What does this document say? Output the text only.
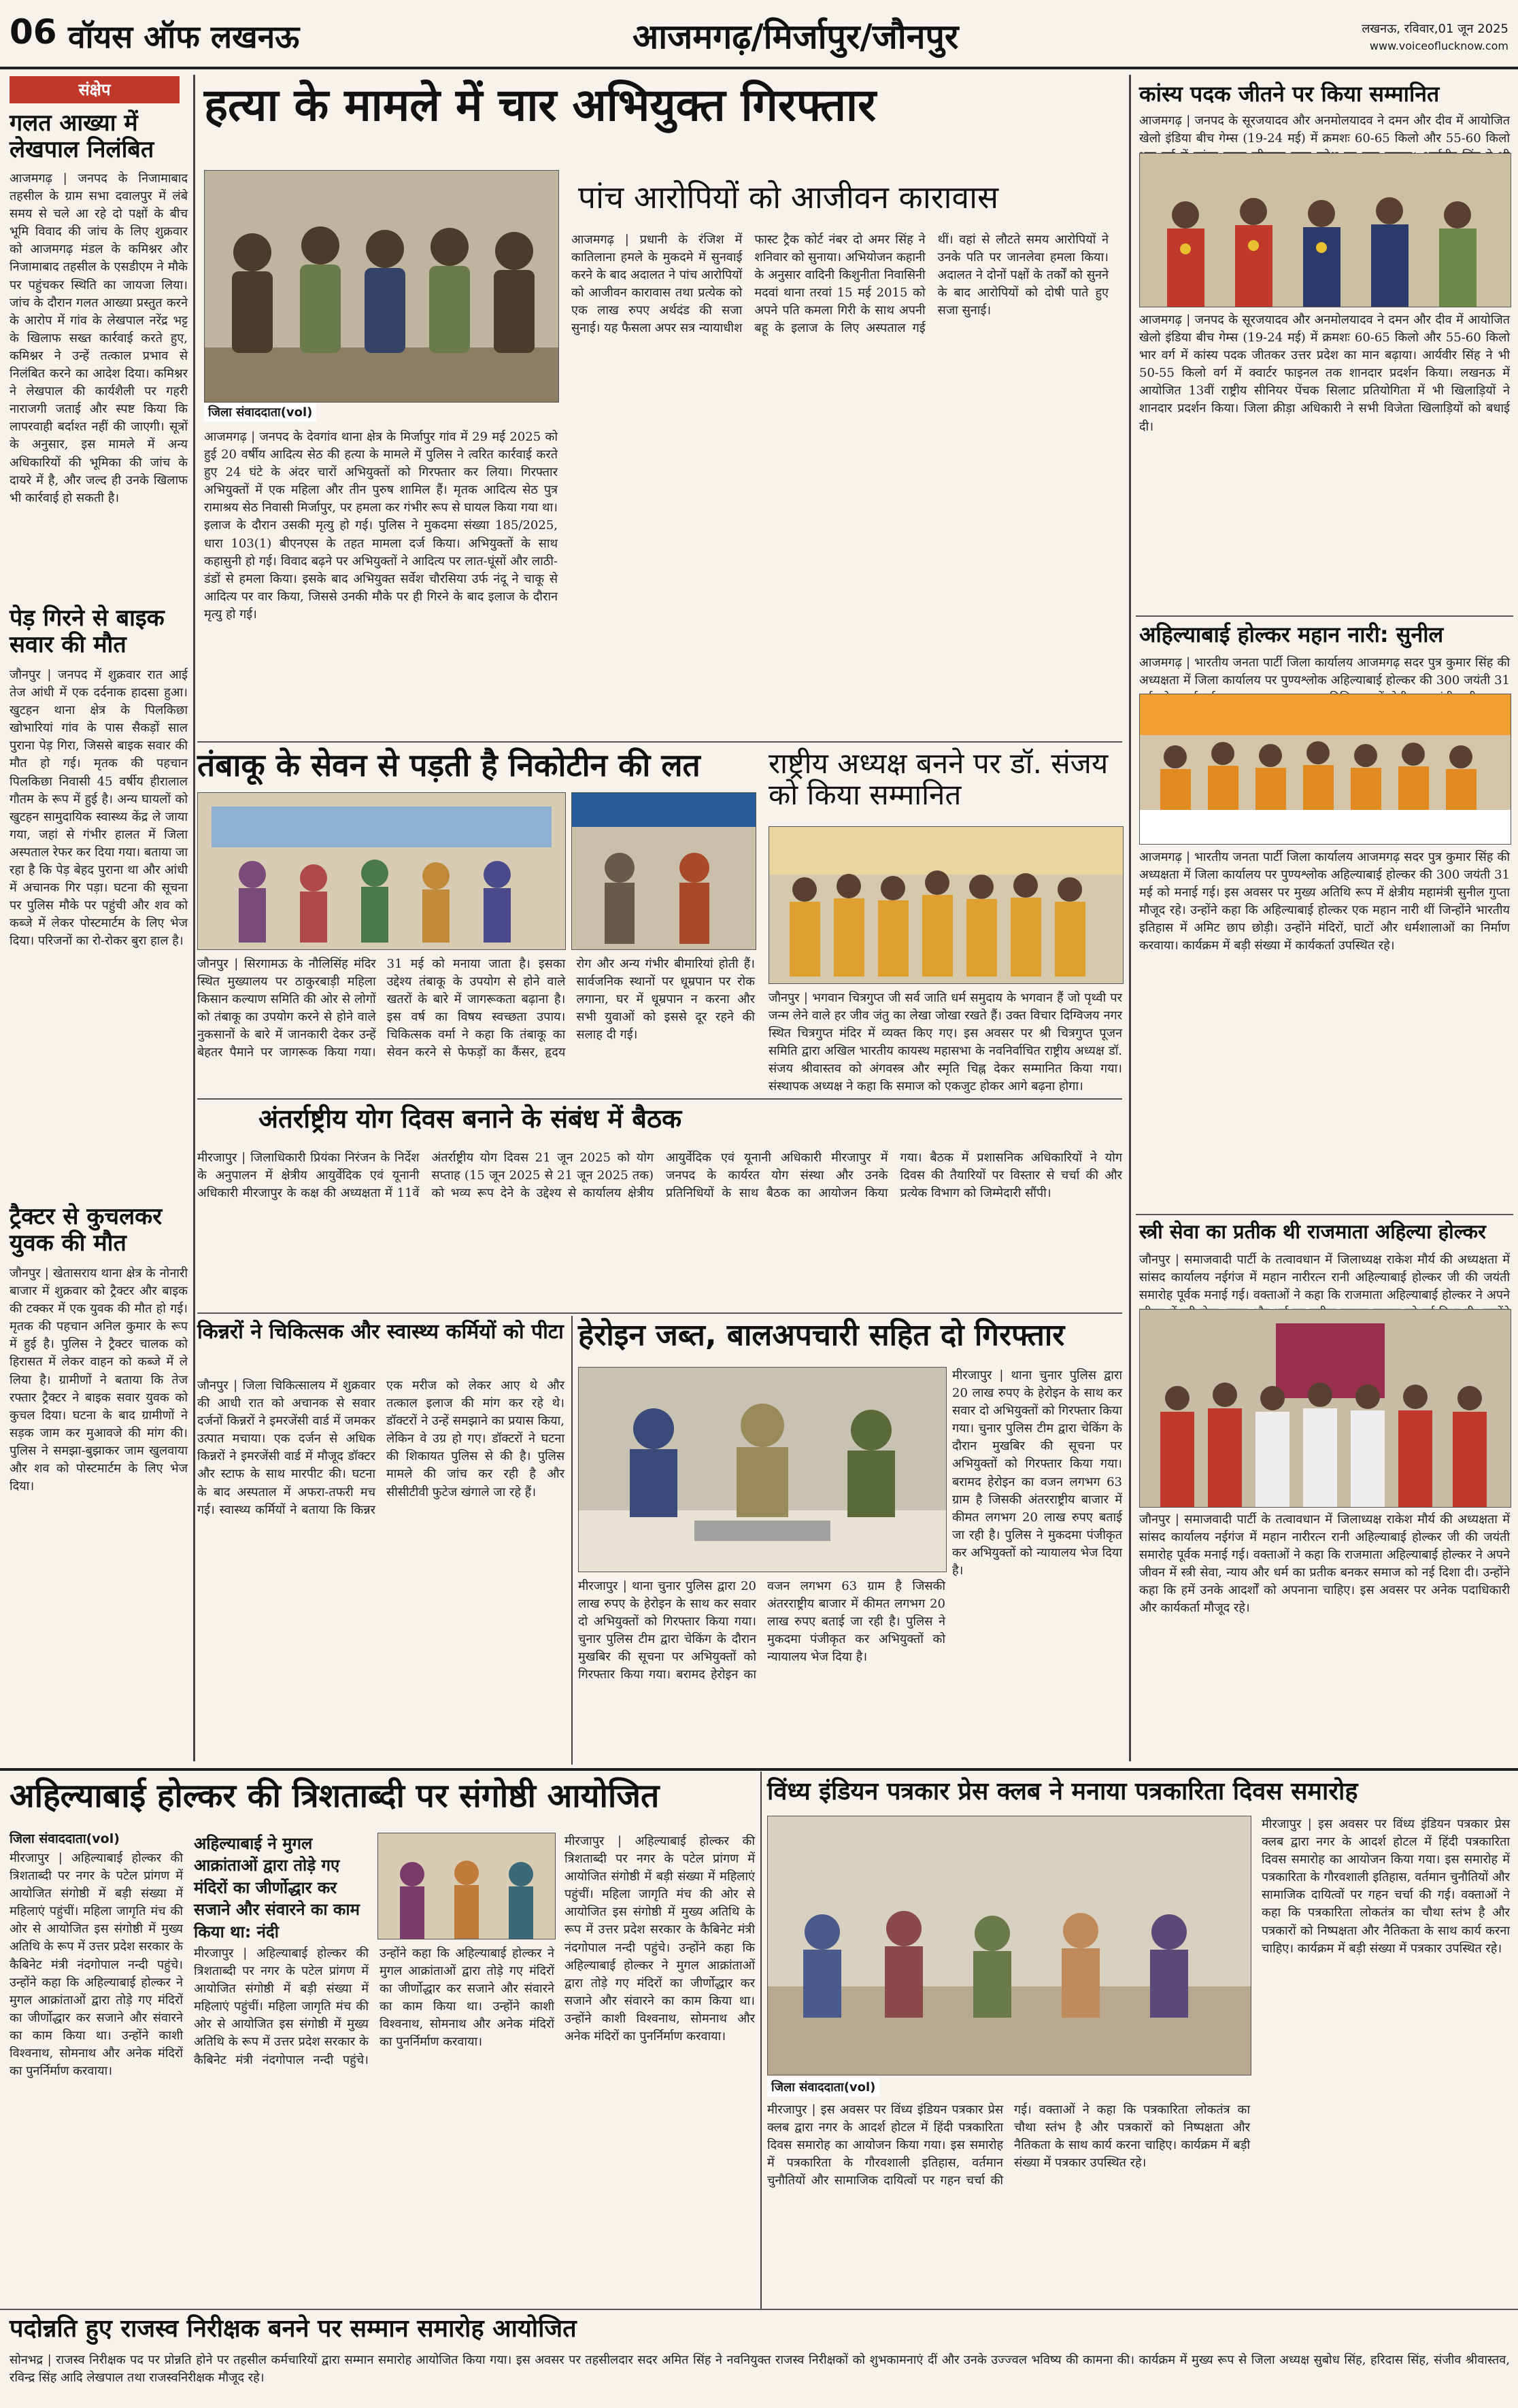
06 वॉयस ऑफ लखनऊ	आजमगढ़/मिर्जापुर/जौनपुर	लखनऊ, रविवार,01 जून 2025
www.voiceoflucknow.com
संक्षेप
गलत आख्या में लेखपाल निलंबित
आजमगढ़ | जनपद के निजामाबाद तहसील के ग्राम सभा दवालपुर में लंबे समय से चले आ रहे दो पक्षों के बीच भूमि विवाद की जांच के लिए शुक्रवार को आजमगढ़ मंडल के कमिश्नर और निजामाबाद तहसील के एसडीएम ने मौके पर पहुंचकर स्थिति का जायजा लिया। जांच के दौरान गलत आख्या प्रस्तुत करने के आरोप में गांव के लेखपाल नरेंद्र भट्ट के खिलाफ सख्त कार्रवाई करते हुए, कमिश्नर ने उन्हें तत्काल प्रभाव से निलंबित करने का आदेश दिया। कमिश्नर ने लेखपाल की कार्यशैली पर गहरी नाराजगी जताई और स्पष्ट किया कि लापरवाही बर्दाश्त नहीं की जाएगी। सूत्रों के अनुसार, इस मामले में अन्य अधिकारियों की भूमिका की जांच के दायरे में है, और जल्द ही उनके खिलाफ भी कार्रवाई हो सकती है।
पेड़ गिरने से बाइक सवार की मौत
जौनपुर | जनपद में शुक्रवार रात आई तेज आंधी में एक दर्दनाक हादसा हुआ। खुटहन थाना क्षेत्र के पिलकिछा खोभारियां गांव के पास सैकड़ों साल पुराना पेड़ गिरा, जिससे बाइक सवार की मौत हो गई। मृतक की पहचान पिलकिछा निवासी 45 वर्षीय हीरालाल गौतम के रूप में हुई है। अन्य घायलों को खुटहन सामुदायिक स्वास्थ्य केंद्र ले जाया गया, जहां से गंभीर हालत में जिला अस्पताल रेफर कर दिया गया। बताया जा रहा है कि पेड़ बेहद पुराना था और आंधी में अचानक गिर पड़ा। घटना की सूचना पर पुलिस मौके पर पहुंची और शव को कब्जे में लेकर पोस्टमार्टम के लिए भेज दिया। परिजनों का रो-रोकर बुरा हाल है।
ट्रैक्टर से कुचलकर युवक की मौत
जौनपुर | खेतासराय थाना क्षेत्र के नोनारी बाजार में शुक्रवार को ट्रैक्टर और बाइक की टक्कर में एक युवक की मौत हो गई। मृतक की पहचान अनिल कुमार के रूप में हुई है। पुलिस ने ट्रैक्टर चालक को हिरासत में लेकर वाहन को कब्जे में ले लिया है। ग्रामीणों ने बताया कि तेज रफ्तार ट्रैक्टर ने बाइक सवार युवक को कुचल दिया। घटना के बाद ग्रामीणों ने सड़क जाम कर मुआवजे की मांग की। पुलिस ने समझा-बुझाकर जाम खुलवाया और शव को पोस्टमार्टम के लिए भेज दिया।
हत्या के मामले में चार अभियुक्त गिरफ्तार
जिला संवाददाता(vol)
आजमगढ़ | जनपद के देवगांव थाना क्षेत्र के मिर्जापुर गांव में 29 मई 2025 को हुई 20 वर्षीय आदित्य सेठ की हत्या के मामले में पुलिस ने त्वरित कार्रवाई करते हुए 24 घंटे के अंदर चारों अभियुक्तों को गिरफ्तार कर लिया। गिरफ्तार अभियुक्तों में एक महिला और तीन पुरुष शामिल हैं। मृतक आदित्य सेठ पुत्र रामाश्रय सेठ निवासी मिर्जापुर, पर हमला कर गंभीर रूप से घायल किया गया था। इलाज के दौरान उसकी मृत्यु हो गई। पुलिस ने मुकदमा संख्या 185/2025, धारा 103(1) बीएनएस के तहत मामला दर्ज किया। अभियुक्तों के साथ कहासुनी हो गई। विवाद बढ़ने पर अभियुक्तों ने आदित्य पर लात-घूंसों और लाठी-डंडों से हमला किया। इसके बाद अभियुक्त सर्वेश चौरसिया उर्फ नंदू ने चाकू से आदित्य पर वार किया, जिससे उनकी मौके पर ही गिरने के बाद इलाज के दौरान मृत्यु हो गई।
पांच आरोपियों को आजीवन कारावास
आजमगढ़ | प्रधानी के रंजिश में कातिलाना हमले के मुकदमे में सुनवाई करने के बाद अदालत ने पांच आरोपियों को आजीवन कारावास तथा प्रत्येक को एक लाख रुपए अर्थदंड की सजा सुनाई। यह फैसला अपर सत्र न्यायाधीश फास्ट ट्रैक कोर्ट नंबर दो अमर सिंह ने शनिवार को सुनाया। अभियोजन कहानी के अनुसार वादिनी किशुनीता निवासिनी मदवां थाना तरवां 15 मई 2015 को अपने पति कमला गिरी के साथ अपनी बहू के इलाज के लिए अस्पताल गई थीं। वहां से लौटते समय आरोपियों ने उनके पति पर जानलेवा हमला किया। अदालत ने दोनों पक्षों के तर्कों को सुनने के बाद आरोपियों को दोषी पाते हुए सजा सुनाई।
तंबाकू के सेवन से पड़ती है निकोटीन की लत
जौनपुर | सिरगामऊ के नौलिसिंह मंदिर स्थित मुख्यालय पर ठाकुरबाड़ी महिला किसान कल्याण समिति की ओर से लोगों को तंबाकू का उपयोग करने से होने वाले नुकसानों के बारे में जानकारी देकर उन्हें बेहतर पैमाने पर जागरूक किया गया। 31 मई को मनाया जाता है। इसका उद्देश्य तंबाकू के उपयोग से होने वाले खतरों के बारे में जागरूकता बढ़ाना है। इस वर्ष का विषय स्वच्छता उपाय। चिकित्सक वर्मा ने कहा कि तंबाकू का सेवन करने से फेफड़ों का कैंसर, हृदय रोग और अन्य गंभीर बीमारियां होती हैं। सार्वजनिक स्थानों पर धूम्रपान पर रोक लगाना, घर में धूम्रपान न करना और सभी युवाओं को इससे दूर रहने की सलाह दी गई।
राष्ट्रीय अध्यक्ष बनने पर डॉ. संजय को किया सम्मानित
जौनपुर | भगवान चित्रगुप्त जी सर्व जाति धर्म समुदाय के भगवान हैं जो पृथ्वी पर जन्म लेने वाले हर जीव जंतु का लेखा जोखा रखते हैं। उक्त विचार दिग्विजय नगर स्थित चित्रगुप्त मंदिर में व्यक्त किए गए। इस अवसर पर श्री चित्रगुप्त पूजन समिति द्वारा अखिल भारतीय कायस्थ महासभा के नवनिर्वाचित राष्ट्रीय अध्यक्ष डॉ. संजय श्रीवास्तव को अंगवस्त्र और स्मृति चिह्न देकर सम्मानित किया गया। संस्थापक अध्यक्ष ने कहा कि समाज को एकजुट होकर आगे बढ़ना होगा।
अंतर्राष्ट्रीय योग दिवस बनाने के संबंध में बैठक
मीरजापुर | जिलाधिकारी प्रियंका निरंजन के निर्देश के अनुपालन में क्षेत्रीय आयुर्वेदिक एवं यूनानी अधिकारी मीरजापुर के कक्ष की अध्यक्षता में 11वें अंतर्राष्ट्रीय योग दिवस 21 जून 2025 को योग सप्ताह (15 जून 2025 से 21 जून 2025 तक) को भव्य रूप देने के उद्देश्य से कार्यालय क्षेत्रीय आयुर्वेदिक एवं यूनानी अधिकारी मीरजापुर में जनपद के कार्यरत योग संस्था और उनके प्रतिनिधियों के साथ बैठक का आयोजन किया गया। बैठक में प्रशासनिक अधिकारियों ने योग दिवस की तैयारियों पर विस्तार से चर्चा की और प्रत्येक विभाग को जिम्मेदारी सौंपी।
किन्नरों ने चिकित्सक और स्वास्थ्य कर्मियों को पीटा
जौनपुर | जिला चिकित्सालय में शुक्रवार की आधी रात को अचानक से सवार दर्जनों किन्नरों ने इमरजेंसी वार्ड में जमकर उत्पात मचाया। एक दर्जन से अधिक किन्नरों ने इमरजेंसी वार्ड में मौजूद डॉक्टर और स्टाफ के साथ मारपीट की। घटना के बाद अस्पताल में अफरा-तफरी मच गई। स्वास्थ्य कर्मियों ने बताया कि किन्नर एक मरीज को लेकर आए थे और तत्काल इलाज की मांग कर रहे थे। डॉक्टरों ने उन्हें समझाने का प्रयास किया, लेकिन वे उग्र हो गए। डॉक्टरों ने घटना की शिकायत पुलिस से की है। पुलिस मामले की जांच कर रही है और सीसीटीवी फुटेज खंगाले जा रहे हैं।
हेरोइन जब्त, बालअपचारी सहित दो गिरफ्तार
मीरजापुर | थाना चुनार पुलिस द्वारा 20 लाख रुपए के हेरोइन के साथ कर सवार दो अभियुक्तों को गिरफ्तार किया गया। चुनार पुलिस टीम द्वारा चेकिंग के दौरान मुखबिर की सूचना पर अभियुक्तों को गिरफ्तार किया गया। बरामद हेरोइन का वजन लगभग 63 ग्राम है जिसकी अंतरराष्ट्रीय बाजार में कीमत लगभग 20 लाख रुपए बताई जा रही है। पुलिस ने मुकदमा पंजीकृत कर अभियुक्तों को न्यायालय भेज दिया है।
मीरजापुर | थाना चुनार पुलिस द्वारा 20 लाख रुपए के हेरोइन के साथ कर सवार दो अभियुक्तों को गिरफ्तार किया गया। चुनार पुलिस टीम द्वारा चेकिंग के दौरान मुखबिर की सूचना पर अभियुक्तों को गिरफ्तार किया गया। बरामद हेरोइन का वजन लगभग 63 ग्राम है जिसकी अंतरराष्ट्रीय बाजार में कीमत लगभग 20 लाख रुपए बताई जा रही है। पुलिस ने मुकदमा पंजीकृत कर अभियुक्तों को न्यायालय भेज दिया है।
कांस्य पदक जीतने पर किया सम्मानित
आजमगढ़ | जनपद के सूरजयादव और अनमोलयादव ने दमन और दीव में आयोजित खेलो इंडिया बीच गेम्स (19-24 मई) में क्रमशः 60-65 किलो और 55-60 किलो
आजमगढ़ | जनपद के सूरजयादव और अनमोलयादव ने दमन और दीव में आयोजित खेलो इंडिया बीच गेम्स (19-24 मई) में क्रमशः 60-65 किलो और 55-60 किलो भार वर्ग में कांस्य पदक जीतकर उत्तर प्रदेश का मान बढ़ाया। आर्यवीर सिंह ने भी 50-55 किलो वर्ग में क्वार्टर फाइनल तक शानदार प्रदर्शन किया। लखनऊ में आयोजित 13वीं राष्ट्रीय सीनियर पेंचक सिलाट प्रतियोगिता में भी खिलाड़ियों ने शानदार प्रदर्शन किया। जिला क्रीड़ा अधिकारी ने सभी विजेता खिलाड़ियों को बधाई दी।
अहिल्याबाई होल्कर महान नारी: सुनील
आजमगढ़ | भारतीय जनता पार्टी जिला कार्यालय आजमगढ़ सदर पुत्र कुमार सिंह की अध्यक्षता में जिला कार्यालय पर पुण्यश्लोक अहिल्याबाई होल्कर की 300 जयंती 31
आजमगढ़ | भारतीय जनता पार्टी जिला कार्यालय आजमगढ़ सदर पुत्र कुमार सिंह की अध्यक्षता में जिला कार्यालय पर पुण्यश्लोक अहिल्याबाई होल्कर की 300 जयंती 31 मई को मनाई गई। इस अवसर पर मुख्य अतिथि रूप में क्षेत्रीय महामंत्री सुनील गुप्ता मौजूद रहे। उन्होंने कहा कि अहिल्याबाई होल्कर एक महान नारी थीं जिन्होंने भारतीय इतिहास में अमिट छाप छोड़ी। उन्होंने मंदिरों, घाटों और धर्मशालाओं का निर्माण करवाया। कार्यक्रम में बड़ी संख्या में कार्यकर्ता उपस्थित रहे।
स्त्री सेवा का प्रतीक थी राजमाता अहिल्या होल्कर
जौनपुर | समाजवादी पार्टी के तत्वावधान में जिलाध्यक्ष राकेश मौर्य की अध्यक्षता में सांसद कार्यालय नईगंज में महान नारीरत्न रानी अहिल्याबाई होल्कर जी की जयंती समारोह पूर्वक मनाई गई। वक्ताओं ने कहा कि राजमाता अहिल्याबाई होल्कर ने अपने
जौनपुर | समाजवादी पार्टी के तत्वावधान में जिलाध्यक्ष राकेश मौर्य की अध्यक्षता में सांसद कार्यालय नईगंज में महान नारीरत्न रानी अहिल्याबाई होल्कर जी की जयंती समारोह पूर्वक मनाई गई। वक्ताओं ने कहा कि राजमाता अहिल्याबाई होल्कर ने अपने जीवन में स्त्री सेवा, न्याय और धर्म का प्रतीक बनकर समाज को नई दिशा दी। उन्होंने कहा कि हमें उनके आदर्शों को अपनाना चाहिए। इस अवसर पर अनेक पदाधिकारी और कार्यकर्ता मौजूद रहे।
अहिल्याबाई होल्कर की त्रिशताब्दी पर संगोष्ठी आयोजित
जिला संवाददाता(vol)
मीरजापुर | अहिल्याबाई होल्कर की त्रिशताब्दी पर नगर के पटेल प्रांगण में आयोजित संगोष्ठी में बड़ी संख्या में महिलाएं पहुंचीं। महिला जागृति मंच की ओर से आयोजित इस संगोष्ठी में मुख्य अतिथि के रूप में उत्तर प्रदेश सरकार के कैबिनेट मंत्री नंदगोपाल नन्दी पहुंचे। उन्होंने कहा कि अहिल्याबाई होल्कर ने मुगल आक्रांताओं द्वारा तोड़े गए मंदिरों का जीर्णोद्धार कर सजाने और संवारने का काम किया था। उन्होंने काशी विश्वनाथ, सोमनाथ और अनेक मंदिरों का पुनर्निर्माण करवाया।
अहिल्याबाई ने मुगल आक्रांताओं द्वारा तोड़े गए मंदिरों का जीर्णोद्धार कर सजाने और संवारने का काम किया था: नंदी
मीरजापुर | अहिल्याबाई होल्कर की त्रिशताब्दी पर नगर के पटेल प्रांगण में आयोजित संगोष्ठी में बड़ी संख्या में महिलाएं पहुंचीं। महिला जागृति मंच की ओर से आयोजित इस संगोष्ठी में मुख्य अतिथि के रूप में उत्तर प्रदेश सरकार के कैबिनेट मंत्री नंदगोपाल नन्दी पहुंचे। उन्होंने कहा कि अहिल्याबाई होल्कर ने मुगल आक्रांताओं द्वारा तोड़े गए मंदिरों का जीर्णोद्धार कर सजाने और संवारने का काम किया था। उन्होंने काशी विश्वनाथ, सोमनाथ और अनेक मंदिरों का पुनर्निर्माण करवाया।
मीरजापुर | अहिल्याबाई होल्कर की त्रिशताब्दी पर नगर के पटेल प्रांगण में आयोजित संगोष्ठी में बड़ी संख्या में महिलाएं पहुंचीं। महिला जागृति मंच की ओर से आयोजित इस संगोष्ठी में मुख्य अतिथि के रूप में उत्तर प्रदेश सरकार के कैबिनेट मंत्री नंदगोपाल नन्दी पहुंचे। उन्होंने कहा कि अहिल्याबाई होल्कर ने मुगल आक्रांताओं द्वारा तोड़े गए मंदिरों का जीर्णोद्धार कर सजाने और संवारने का काम किया था। उन्होंने काशी विश्वनाथ, सोमनाथ और अनेक मंदिरों का पुनर्निर्माण करवाया।
विंध्य इंडियन पत्रकार प्रेस क्लब ने मनाया पत्रकारिता दिवस समारोह
जिला संवाददाता(vol)
मीरजापुर | इस अवसर पर विंध्य इंडियन पत्रकार प्रेस क्लब द्वारा नगर के आदर्श होटल में हिंदी पत्रकारिता दिवस समारोह का आयोजन किया गया। इस समारोह में पत्रकारिता के गौरवशाली इतिहास, वर्तमान चुनौतियों और सामाजिक दायित्वों पर गहन चर्चा की गई। वक्ताओं ने कहा कि पत्रकारिता लोकतंत्र का चौथा स्तंभ है और पत्रकारों को निष्पक्षता और नैतिकता के साथ कार्य करना चाहिए। कार्यक्रम में बड़ी संख्या में पत्रकार उपस्थित रहे।
मीरजापुर | इस अवसर पर विंध्य इंडियन पत्रकार प्रेस क्लब द्वारा नगर के आदर्श होटल में हिंदी पत्रकारिता दिवस समारोह का आयोजन किया गया। इस समारोह में पत्रकारिता के गौरवशाली इतिहास, वर्तमान चुनौतियों और सामाजिक दायित्वों पर गहन चर्चा की गई। वक्ताओं ने कहा कि पत्रकारिता लोकतंत्र का चौथा स्तंभ है और पत्रकारों को निष्पक्षता और नैतिकता के साथ कार्य करना चाहिए। कार्यक्रम में बड़ी संख्या में पत्रकार उपस्थित रहे।
पदोन्नति हुए राजस्व निरीक्षक बनने पर सम्मान समारोह आयोजित
सोनभद्र | राजस्व निरीक्षक पद पर प्रोन्नति होने पर तहसील कर्मचारियों द्वारा सम्मान समारोह आयोजित किया गया। इस अवसर पर तहसीलदार सदर अमित सिंह ने नवनियुक्त राजस्व निरीक्षकों को शुभकामनाएं दीं और उनके उज्ज्वल भविष्य की कामना की। कार्यक्रम में मुख्य रूप से जिला अध्यक्ष सुबोध सिंह, हरिदास सिंह, संजीव श्रीवास्तव, रविन्द्र सिंह आदि लेखपाल तथा राजस्वनिरीक्षक मौजूद रहे।
